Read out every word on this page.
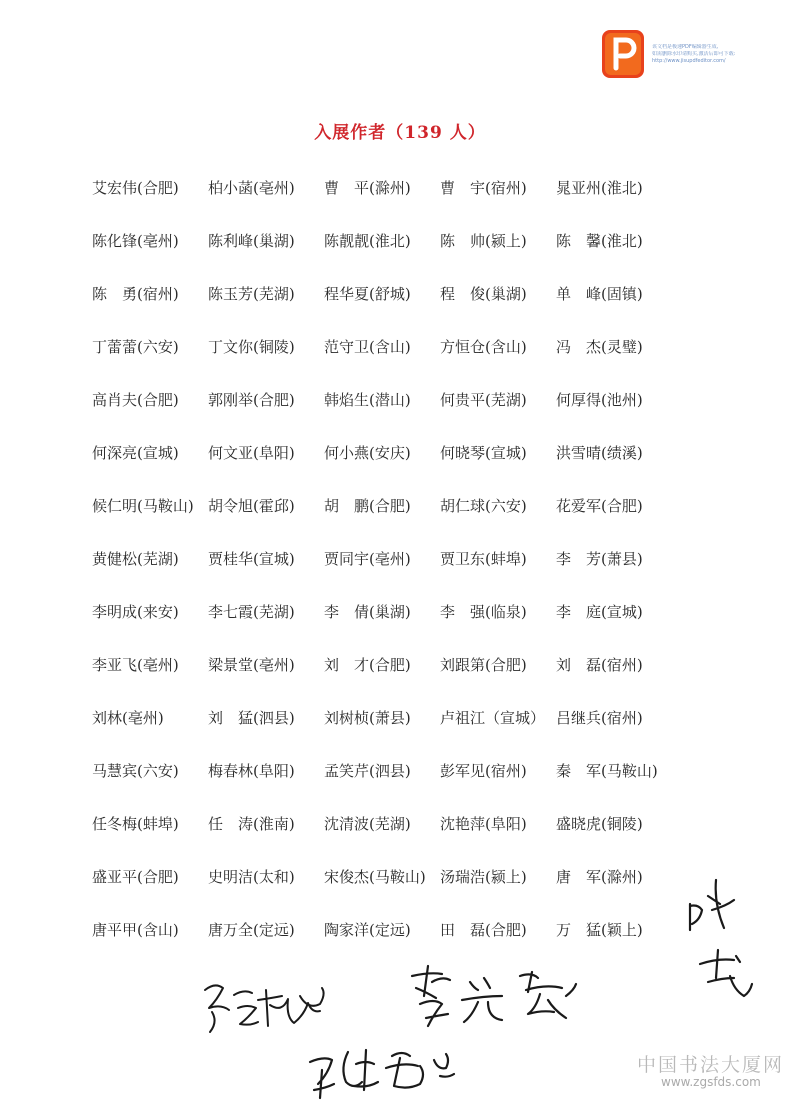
该文档是极速PDF编辑器生成,
如需删除水印请购买,激活后即可下载:
http://www.jisupdfeditor.com/
入展作者（139 人）
艾宏伟(合肥)	柏小菡(亳州)	曹　平(滁州)	曹　宇(宿州)	晁亚州(淮北)
陈化锋(亳州)	陈利峰(巢湖)	陈靓靓(淮北)	陈　帅(颍上)	陈　馨(淮北)
陈　勇(宿州)	陈玉芳(芜湖)	程华夏(舒城)	程　俊(巢湖)	单　峰(固镇)
丁蕾蕾(六安)	丁文你(铜陵)	范守卫(含山)	方恒仓(含山)	冯　杰(灵璧)
高肖夫(合肥)	郭刚举(合肥)	韩焰生(潜山)	何贵平(芜湖)	何厚得(池州)
何深亮(宣城)	何文亚(阜阳)	何小燕(安庆)	何晓琴(宣城)	洪雪晴(绩溪)
候仁明(马鞍山) 胡令旭(霍邱)	胡　鹏(合肥)	胡仁球(六安)	花爱军(合肥)
黄健松(芜湖)	贾桂华(宣城)	贾同宇(亳州)	贾卫东(蚌埠)	李　芳(萧县)
李明成(来安)	李七霞(芜湖)	李　倩(巢湖)	李　强(临泉)	李　庭(宣城)
李亚飞(亳州)	梁景堂(亳州)	刘　才(合肥)	刘跟第(合肥)	刘　磊(宿州)
刘林(亳州)	刘　猛(泗县)	刘树桢(萧县)	卢祖江（宣城） 吕继兵(宿州)
马慧宾(六安)	梅春林(阜阳)	孟笑芹(泗县)	彭军见(宿州)	秦　军(马鞍山)
任冬梅(蚌埠)	任　涛(淮南)	沈清波(芜湖)	沈艳萍(阜阳)	盛晓虎(铜陵)
盛亚平(合肥)	史明洁(太和)	宋俊杰(马鞍山) 汤瑞浩(颍上)	唐　军(滁州)
唐平甲(含山)	唐万全(定远)	陶家洋(定远)	田　磊(合肥)	万　猛(颖上)
中国书法大厦网
www.zgsfds.com
